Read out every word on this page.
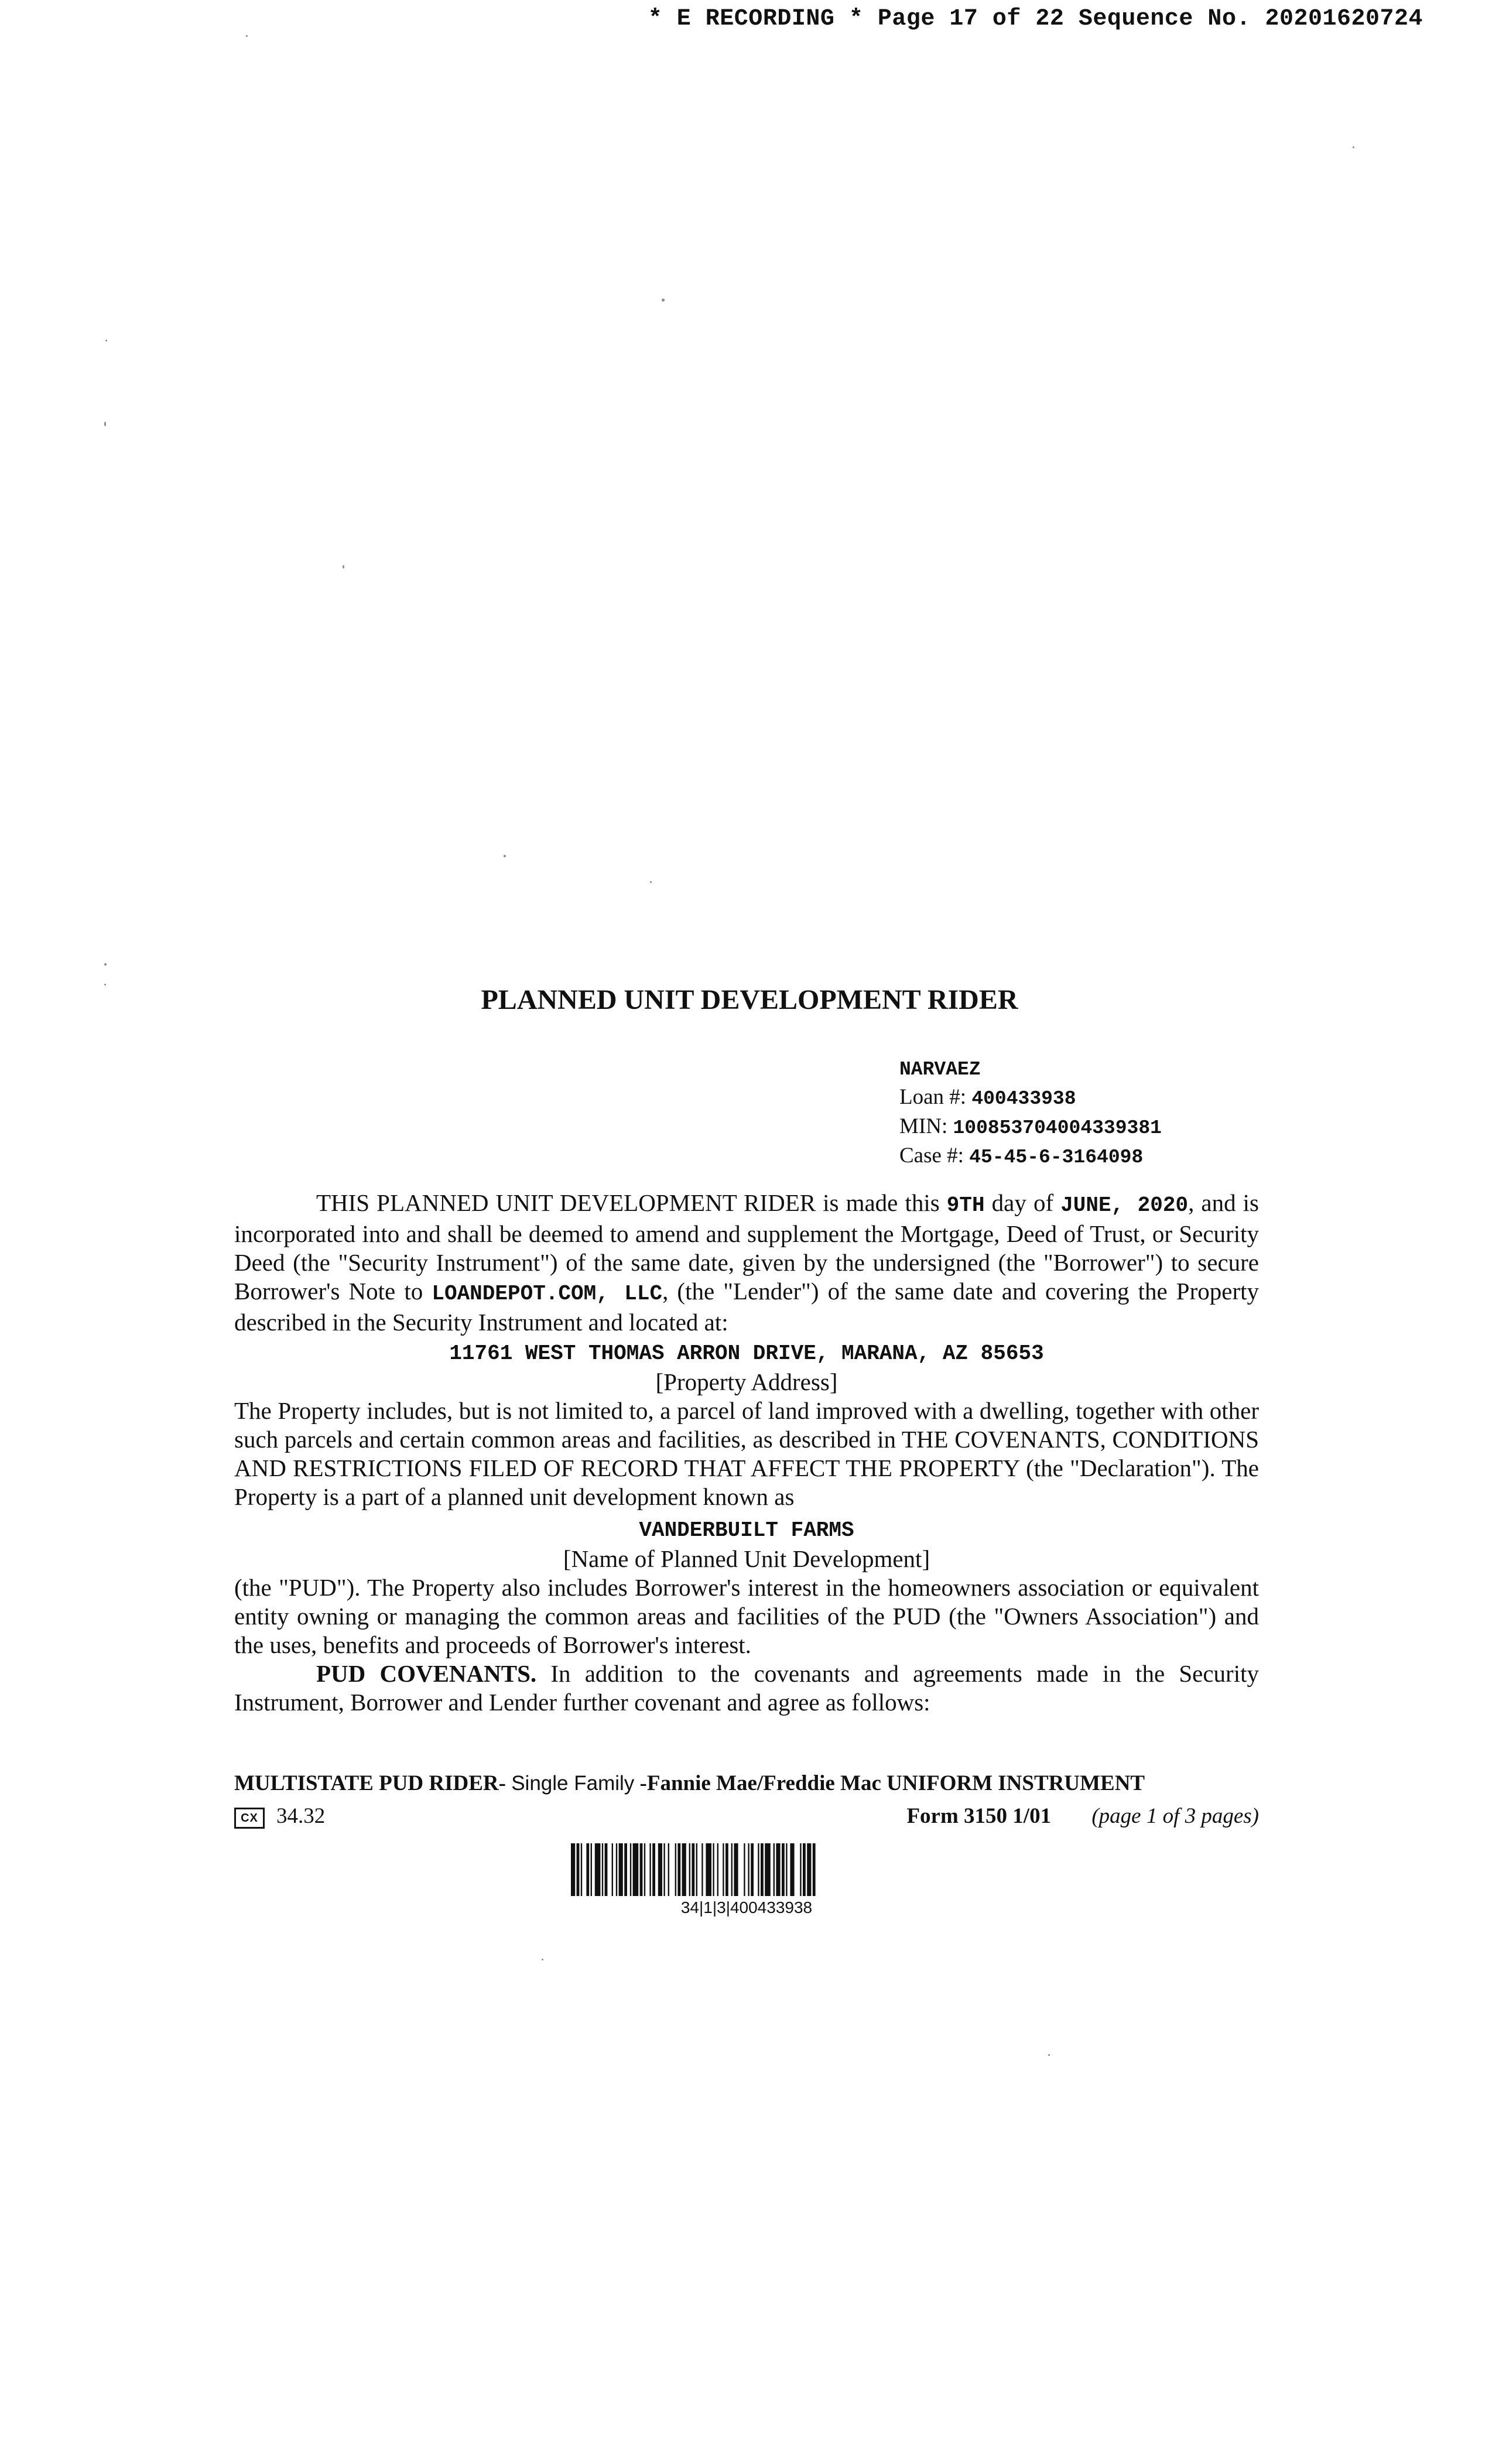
* E RECORDING * Page 17 of 22 Sequence No. 20201620724
PLANNED UNIT DEVELOPMENT RIDER
NARVAEZ
Loan #: 400433938
MIN: 100853704004339381
Case #: 45-45-6-3164098

THIS PLANNED UNIT DEVELOPMENT RIDER is made this 9TH day of JUNE, 2020, and is incorporated into and shall be deemed to amend and supplement the Mortgage, Deed of Trust, or Security Deed (the "Security Instrument") of the same date, given by the undersigned (the "Borrower") to secure Borrower's Note to LOANDEPOT.COM, LLC, (the "Lender") of the same date and covering the Property described in the Security Instrument and located at:

11761 WEST THOMAS ARRON DRIVE, MARANA, AZ 85653

[Property Address]

The Property includes, but is not limited to, a parcel of land improved with a dwelling, together with other such parcels and certain common areas and facilities, as described in THE COVENANTS, CONDITIONS AND RESTRICTIONS FILED OF RECORD THAT AFFECT THE PROPERTY (the "Declaration"). The Property is a part of a planned unit development known as

VANDERBUILT FARMS

[Name of Planned Unit Development]

(the "PUD"). The Property also includes Borrower's interest in the homeowners association or equivalent entity owning or managing the common areas and facilities of the PUD (the "Owners Association") and the uses, benefits and proceeds of Borrower's interest.

PUD COVENANTS. In addition to the covenants and agreements made in the Security Instrument, Borrower and Lender further covenant and agree as follows:

MULTISTATE PUD RIDER- Single Family -Fannie Mae/Freddie Mac UNIFORM INSTRUMENT
CX 34.32	Form 3150 1/01 (page 1 of 3 pages)
34|1|3|400433938
